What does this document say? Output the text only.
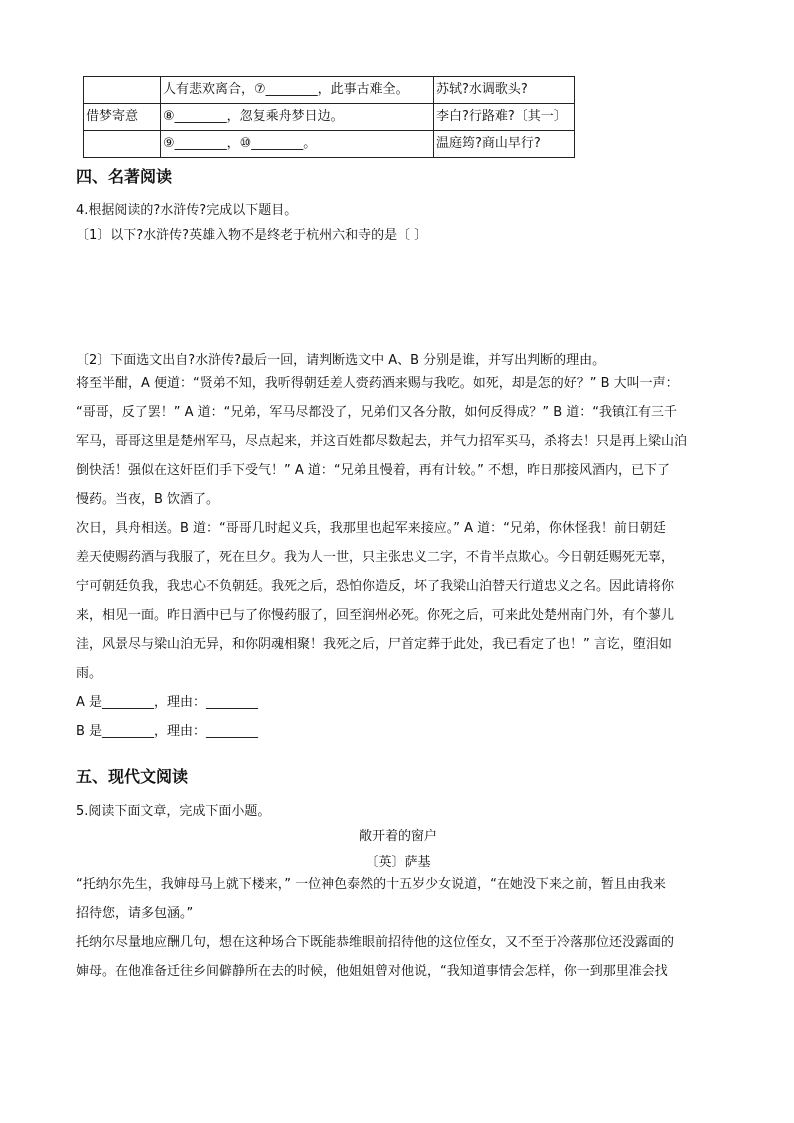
	人有悲欢离合，⑦________，此事古难全。	苏轼?水调歌头?
借梦寄意	⑧________，忽复乘舟梦日边。	李白?行路难?〔其一〕
	⑨________，⑩________。	温庭筠?商山早行?
四、名著阅读
4.根据阅读的?水浒传?完成以下题目。
〔1〕以下?水浒传?英雄入物不是终老于杭州六和寺的是〔 〕
〔2〕下面选文出自?水浒传?最后一回，请判断选文中 A、B 分别是谁，并写出判断的理由。
将至半酣，A 便道：“贤弟不知，我听得朝廷差人赍药酒来赐与我吃。如死，却是怎的好？” B 大叫一声：
“哥哥，反了罢！” A 道：“兄弟，军马尽都没了，兄弟们又各分散，如何反得成？” B 道：“我镇江有三千
军马，哥哥这里是楚州军马，尽点起来，并这百姓都尽数起去，并气力招军买马，杀将去！只是再上梁山泊
倒快活！强似在这奸臣们手下受气！” A 道：“兄弟且慢着，再有计较。” 不想，昨日那接风酒内，已下了
慢药。当夜，B 饮酒了。
次日，具舟相送。B 道：“哥哥几时起义兵，我那里也起军来接应。” A 道：“兄弟，你休怪我！前日朝廷
差天使赐药酒与我服了，死在旦夕。我为人一世，只主张忠义二字，不肯半点欺心。今日朝廷赐死无辜，
宁可朝廷负我，我忠心不负朝廷。我死之后，恐怕你造反，坏了我梁山泊替天行道忠义之名。因此请将你
来，相见一面。昨日酒中已与了你慢药服了，回至润州必死。你死之后，可来此处楚州南门外，有个蓼儿
洼，风景尽与梁山泊无异，和你阴魂相聚！我死之后，尸首定葬于此处，我已看定了也！” 言讫，堕泪如
雨。
A 是________，理由：________
B 是________，理由：________
五、现代文阅读
5.阅读下面文章，完成下面小题。
敞开着的窗户
〔英〕萨基
“托纳尔先生，我婶母马上就下楼来，” 一位神色泰然的十五岁少女说道，“在她没下来之前，暂且由我来
招待您，请多包涵。”
托纳尔尽量地应酬几句，想在这种场合下既能恭维眼前招待他的这位侄女，又不至于冷落那位还没露面的
婶母。在他准备迁往乡间僻静所在去的时候，他姐姐曾对他说，“我知道事情会怎样，你一到那里准会找
